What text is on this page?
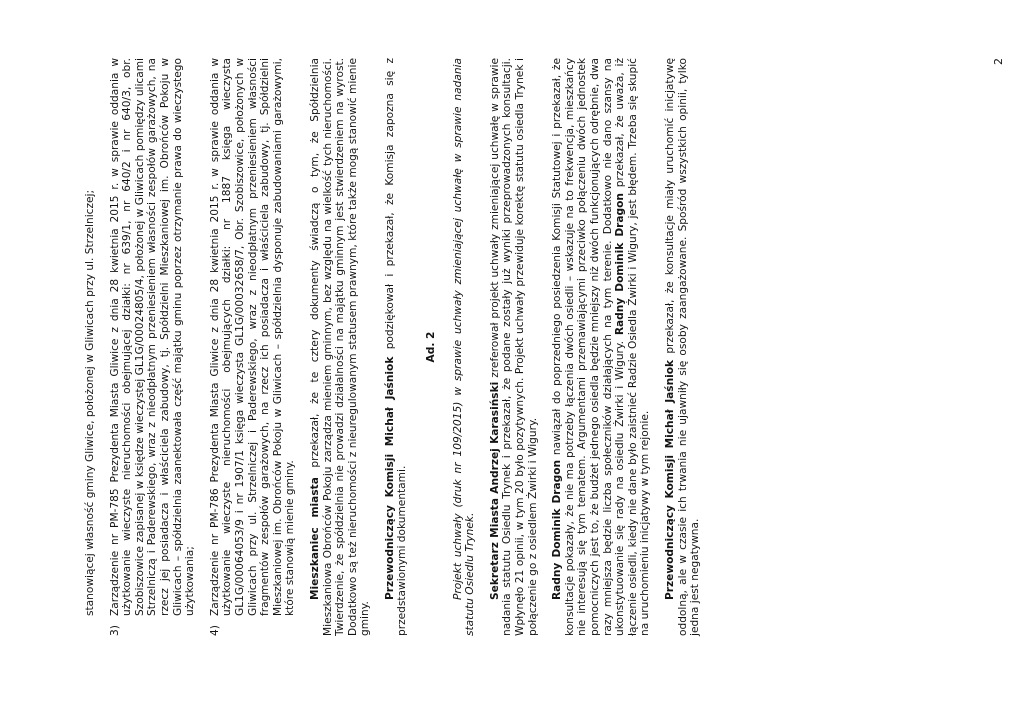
stanowiącej własność gminy Gliwice, położonej w Gliwicach przy ul. Strzelniczej;

3)
Zarządzenie nr PM-785 Prezydenta Miasta Gliwice z dnia 28 kwietnia 2015 r. w sprawie oddania w użytkowanie wieczyste nieruchomości obejmującej działki: nr 639/1, nr 640/2 i nr 640/3, obr. Szobiszowice zapisanej w księdze wieczystej GL1G/00024805/4, położonej w Gliwicach pomiędzy ulicami Strzelniczą i Paderewskiego, wraz z nieodpłatnym przeniesieniem własności zespołów garażowych, na rzecz jej posiadacza i właściciela zabudowy, tj. Spółdzielni Mieszkaniowej im. Obrońców Pokoju w Gliwicach – spółdzielnia zaanektowała część majątku gminu poprzez otrzymanie prawa do wieczystego użytkowania;
4)
Zarządzenie nr PM-786 Prezydenta Miasta Gliwice z dnia 28 kwietnia 2015 r. w sprawie oddania w użytkowanie wieczyste nieruchomości obejmujących działki: nr 1887 księga wieczysta GL1G/00064053/9 i nr 1907/1 księga wieczysta GL1G/00032658/7, Obr. Szobiszowice, położonych w Gliwicach przy ul. Strzelniczej i Paderewskiego, wraz z nieodpłatnym przeniesieniem własności fragmentów zespołów garażowych, na rzecz ich posiadacza i właściciela zabudowy, tj. Spółdzielni Mieszkaniowej im. Obrońców Pokoju w Gliwicach – spółdzielnia dysponuje zabudowaniami garażowymi, które stanowią mienie gminy. Mieszkaniec miasta przekazał, że te cztery dokumenty świadczą o tym, że Spółdzielnia Mieszkaniowa Obrońców Pokoju zarządza mieniem gminnym, bez względu na wielkość tych nieruchomości. Twierdzenie, że spółdzielnia nie prowadzi działalności na majątku gminnym jest stwierdzeniem na wyrost. Dodatkowo są też nieruchomości z nieuregulowanym statusem prawnym, które także mogą stanowić mienie gminy.

Przewodniczący Komisji Michał Jaśniok podziękował i przekazał, że Komisja zapozna się z przedstawionymi dokumentami.

Ad. 2 Projekt uchwały (druk nr 109/2015) w sprawie uchwały zmieniającej uchwałę w sprawie nadania statutu Osiedlu Trynek. Sekretarz Miasta Andrzej Karasiński zreferował projekt uchwały zmieniającej uchwałę w sprawie nadania statutu Osiedlu Trynek i przekazał, że podane zostały już wyniki przeprowadzonych konsultacji. Wpłynęło 21 opinii, w tym 20 było pozytywnych. Projekt uchwały przewiduje korektę statutu osiedla Trynek i połączenie go z osiedlem Żwirki i Wigury. Radny Dominik Dragon nawiązał do poprzedniego posiedzenia Komisji Statutowej i przekazał, że konsultacje pokazały, że nie ma potrzeby łączenia dwóch osiedli – wskazuje na to frekwencja, mieszkańcy nie interesują się tym tematem. Argumentami przemawiającymi przeciwko połączeniu dwóch jednostek pomocniczych jest to, że budżet jednego osiedla będzie mniejszy niż dwóch funkcjonujących odrębnie, dwa razy mniejsza będzie liczba społeczników działających na tym terenie. Dodatkowo nie dano szansy na ukonstytuowanie się rady na osiedlu Żwirki i Wigury. Radny Dominik Dragon przekazał, że uważa, iż łączenie osiedli, kiedy nie dane było zaistnieć Radzie Osiedla Żwirki i Wigury, jest błędem. Trzeba się skupić na uruchomieniu inicjatywy w tym rejonie. Przewodniczący Komisji Michał Jaśniok przekazał, że konsultacje miały uruchomić inicjatywę oddolną, ale w czasie ich trwania nie ujawniły się osoby zaangażowane. Spośród wszystkich opinii, tylko jedna jest negatywna.

2
